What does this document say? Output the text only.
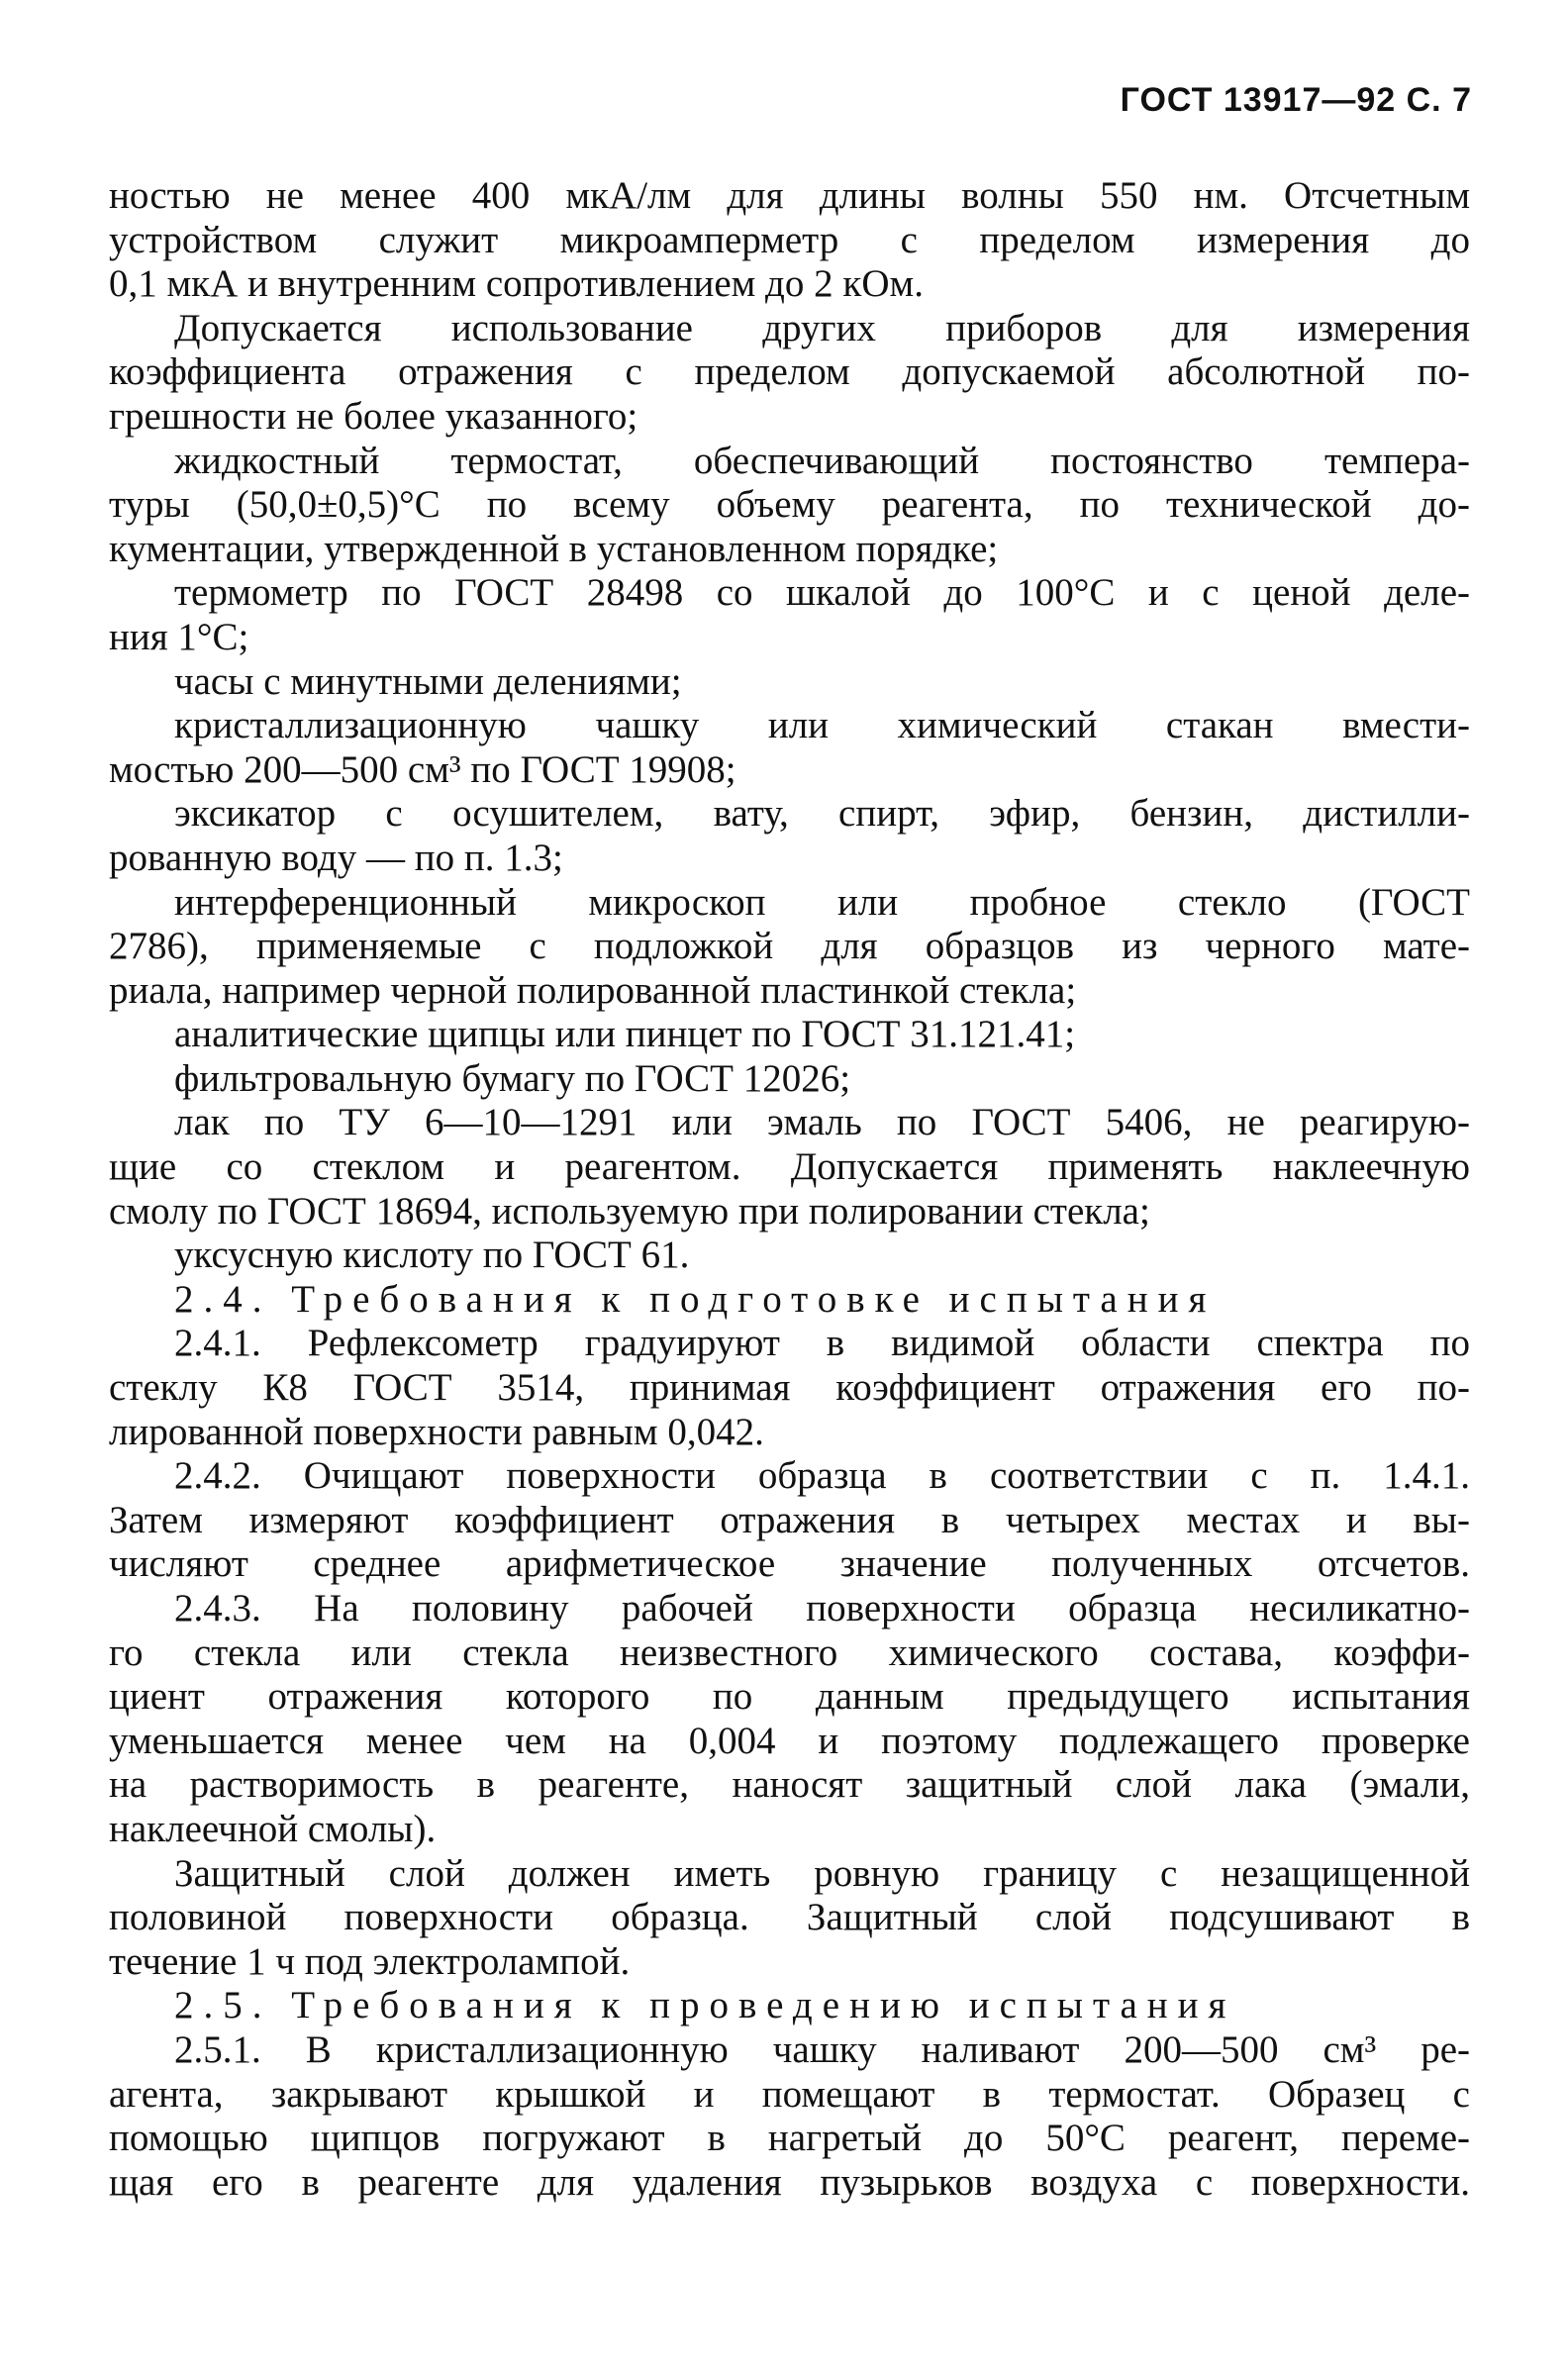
ГОСТ 13917—92 С. 7
ностью не менее 400 мкА/лм для длины волны 550 нм. Отсчетным
устройством служит микроамперметр с пределом измерения до
0,1 мкА и внутренним сопротивлением до 2 кОм.
Допускается использование других приборов для измерения
коэффициента отражения с пределом допускаемой абсолютной по-
грешности не более указанного;
жидкостный термостат, обеспечивающий постоянство темпера-
туры (50,0±0,5)°С по всему объему реагента, по технической до-
кументации, утвержденной в установленном порядке;
термометр по ГОСТ 28498 со шкалой до 100°С и с ценой деле-
ния 1°С;
часы с минутными делениями;
кристаллизационную чашку или химический стакан вмести-
мостью 200—500 см³ по ГОСТ 19908;
эксикатор с осушителем, вату, спирт, эфир, бензин, дистилли-
рованную воду — по п. 1.3;
интерференционный микроскоп или пробное стекло (ГОСТ
2786), применяемые с подложкой для образцов из черного мате-
риала, например черной полированной пластинкой стекла;
аналитические щипцы или пинцет по ГОСТ 31.121.41;
фильтровальную бумагу по ГОСТ 12026;
лак по ТУ 6—10—1291 или эмаль по ГОСТ 5406, не реагирую-
щие со стеклом и реагентом. Допускается применять наклеечную
смолу по ГОСТ 18694, используемую при полировании стекла;
уксусную кислоту по ГОСТ 61.
2.4. Требования к подготовке испытания
2.4.1. Рефлексометр градуируют в видимой области спектра по
стеклу К8 ГОСТ 3514, принимая коэффициент отражения его по-
лированной поверхности равным 0,042.
2.4.2. Очищают поверхности образца в соответствии с п. 1.4.1.
Затем измеряют коэффициент отражения в четырех местах и вы-
числяют среднее арифметическое значение полученных отсчетов.
2.4.3. На половину рабочей поверхности образца несиликатно-
го стекла или стекла неизвестного химического состава, коэффи-
циент отражения которого по данным предыдущего испытания
уменьшается менее чем на 0,004 и поэтому подлежащего проверке
на растворимость в реагенте, наносят защитный слой лака (эмали,
наклеечной смолы).
Защитный слой должен иметь ровную границу с незащищенной
половиной поверхности образца. Защитный слой подсушивают в
течение 1 ч под электролампой.
2.5. Требования к проведению испытания
2.5.1. В кристаллизационную чашку наливают 200—500 см³ ре-
агента, закрывают крышкой и помещают в термостат. Образец с
помощью щипцов погружают в нагретый до 50°С реагент, переме-
щая его в реагенте для удаления пузырьков воздуха с поверхности.
